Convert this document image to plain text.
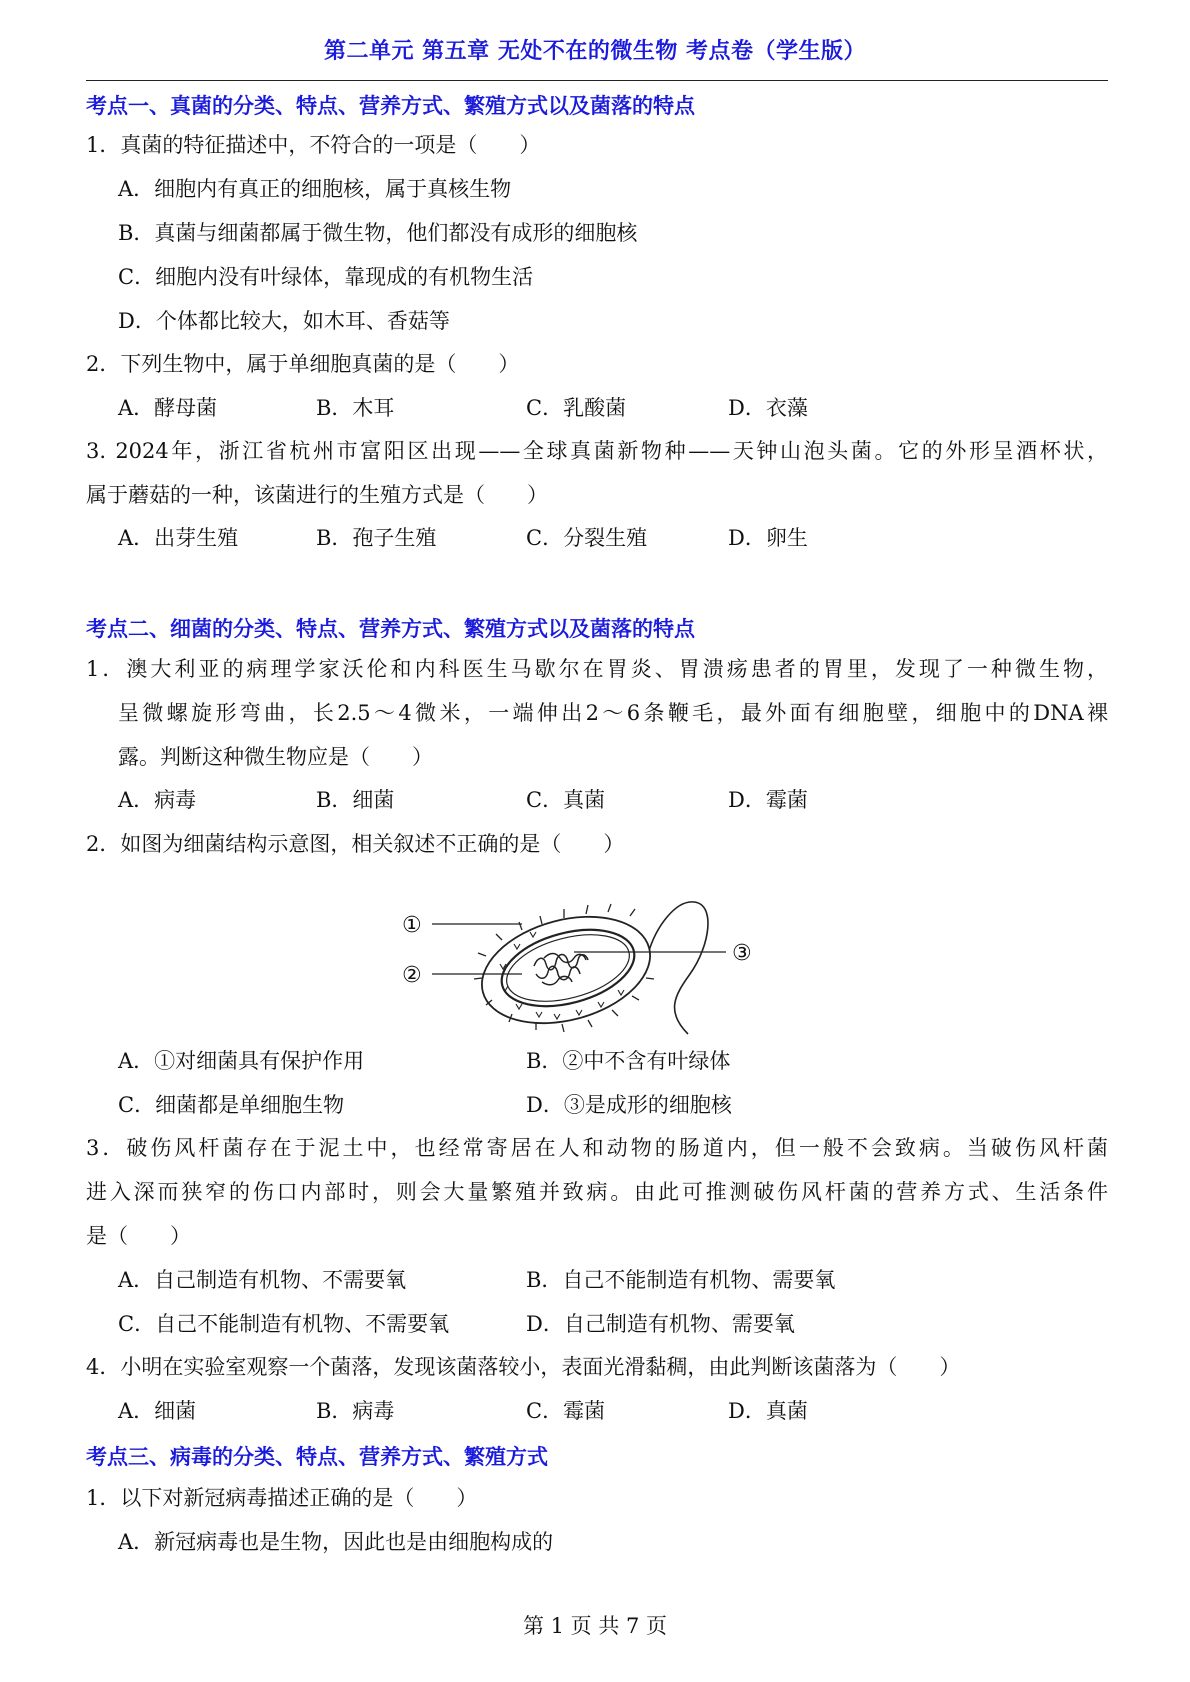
第二单元 第五章 无处不在的微生物 考点卷（学生版）
考点一、真菌的分类、特点、营养方式、繁殖方式以及菌落的特点
1．真菌的特征描述中，不符合的一项是（　　）
A．细胞内有真正的细胞核，属于真核生物
B．真菌与细菌都属于微生物，他们都没有成形的细胞核
C．细胞内没有叶绿体，靠现成的有机物生活
D．个体都比较大，如木耳、香菇等
2．下列生物中，属于单细胞真菌的是（　　）
A．酵母菌	B．木耳	C．乳酸菌	D．衣藻
3. 2024年，浙江省杭州市富阳区出现——全球真菌新物种——天钟山泡头菌。它的外形呈酒杯状，
属于蘑菇的一种，该菌进行的生殖方式是（　　）
A．出芽生殖	B．孢子生殖	C．分裂生殖	D．卵生
考点二、细菌的分类、特点、营养方式、繁殖方式以及菌落的特点
1．澳大利亚的病理学家沃伦和内科医生马歇尔在胃炎、胃溃疡患者的胃里，发现了一种微生物，
呈微螺旋形弯曲，长2.5～4微米，一端伸出2～6条鞭毛，最外面有细胞壁，细胞中的DNA裸
露。判断这种微生物应是（　　）
A．病毒	B．细菌	C．真菌	D．霉菌
2．如图为细菌结构示意图，相关叙述不正确的是（　　）
①
②
③
A．①对细菌具有保护作用	B．②中不含有叶绿体
C．细菌都是单细胞生物	D．③是成形的细胞核
3．破伤风杆菌存在于泥土中，也经常寄居在人和动物的肠道内，但一般不会致病。当破伤风杆菌
进入深而狭窄的伤口内部时，则会大量繁殖并致病。由此可推测破伤风杆菌的营养方式、生活条件
是（　　）
A．自己制造有机物、不需要氧	B．自己不能制造有机物、需要氧
C．自己不能制造有机物、不需要氧	D．自己制造有机物、需要氧
4．小明在实验室观察一个菌落，发现该菌落较小，表面光滑黏稠，由此判断该菌落为（　　）
A．细菌	B．病毒	C．霉菌	D．真菌
考点三、病毒的分类、特点、营养方式、繁殖方式
1．以下对新冠病毒描述正确的是（　　）
A．新冠病毒也是生物，因此也是由细胞构成的
第 1 页 共 7 页
